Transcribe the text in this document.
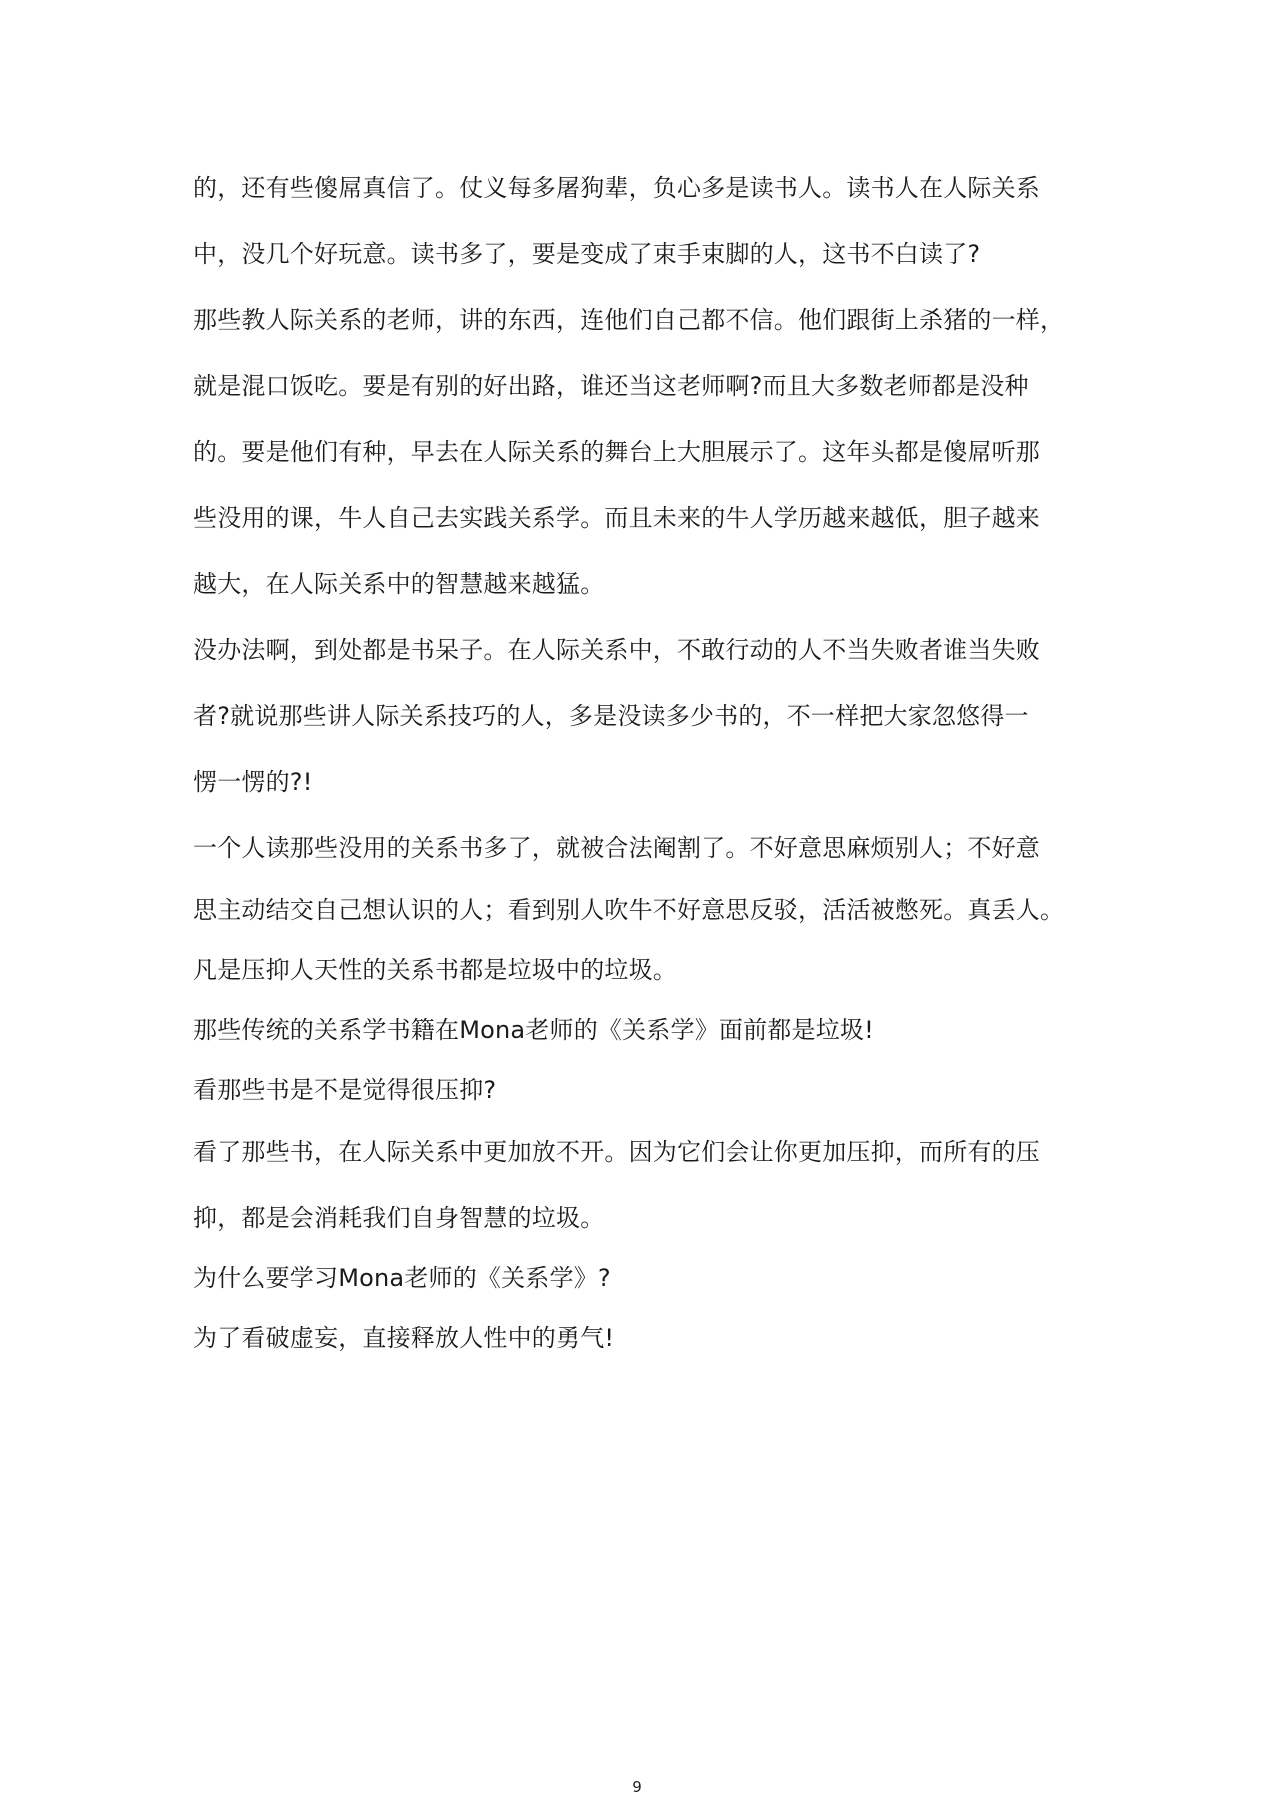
的，还有些傻屌真信了。仗义每多屠狗辈，负心多是读书人。读书人在人际关系
中，没几个好玩意。读书多了，要是变成了束手束脚的人，这书不白读了?
那些教人际关系的老师，讲的东西，连他们自己都不信。他们跟街上杀猪的一样，
就是混口饭吃。要是有别的好出路，谁还当这老师啊?而且大多数老师都是没种
的。要是他们有种，早去在人际关系的舞台上大胆展示了。这年头都是傻屌听那
些没用的课，牛人自己去实践关系学。而且未来的牛人学历越来越低，胆子越来
越大，在人际关系中的智慧越来越猛。
没办法啊，到处都是书呆子。在人际关系中，不敢行动的人不当失败者谁当失败
者?就说那些讲人际关系技巧的人，多是没读多少书的，不一样把大家忽悠得一
愣一愣的?!
一个人读那些没用的关系书多了，就被合法阉割了。不好意思麻烦别人；不好意
思主动结交自己想认识的人；看到别人吹牛不好意思反驳，活活被憋死。真丢人。
凡是压抑人天性的关系书都是垃圾中的垃圾。
那些传统的关系学书籍在Mona老师的《关系学》面前都是垃圾!
看那些书是不是觉得很压抑?
看了那些书，在人际关系中更加放不开。因为它们会让你更加压抑，而所有的压
抑，都是会消耗我们自身智慧的垃圾。
为什么要学习Mona老师的《关系学》?
为了看破虚妄，直接释放人性中的勇气!
9
